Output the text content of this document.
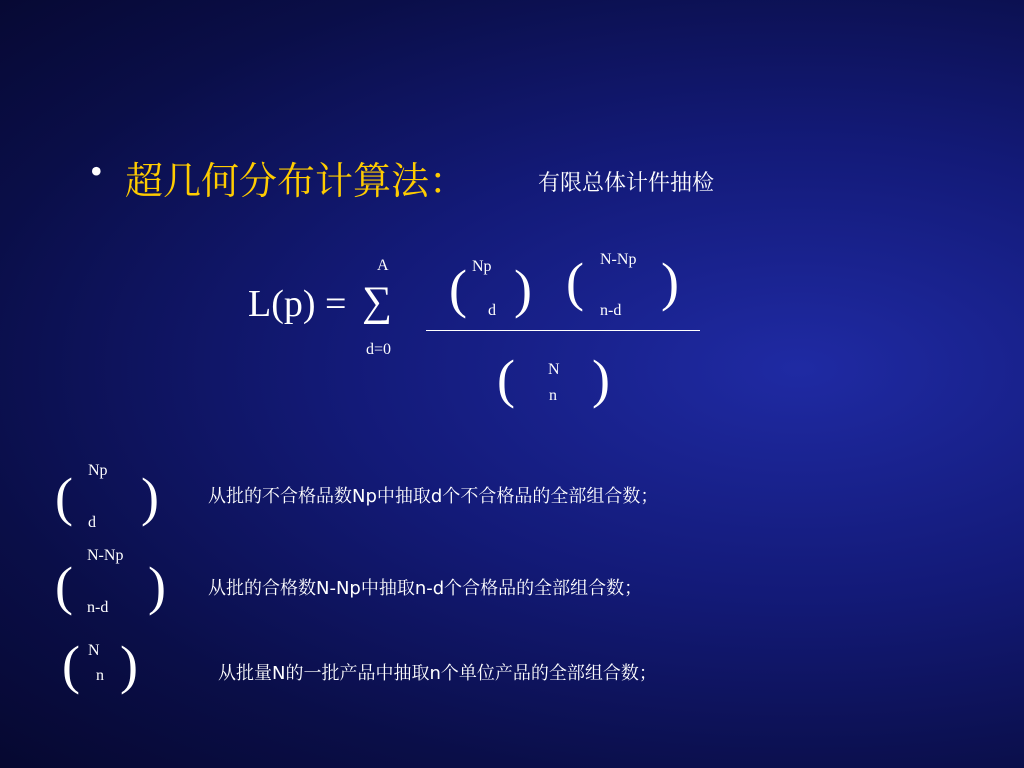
• 超几何分布计算法：	有限总体计件抽检
L(p) = ∑
A
d=0
( Np
d ) ( N-Np
n-d )
( N
n )
( Np
d )	从批的不合格品数Np中抽取d个不合格品的全部组合数；
(
N-Np
n-d ) 从批的合格数N-Np中抽取n-d个合格品的全部组合数；
( N
n )	从批量N的一批产品中抽取n个单位产品的全部组合数；
